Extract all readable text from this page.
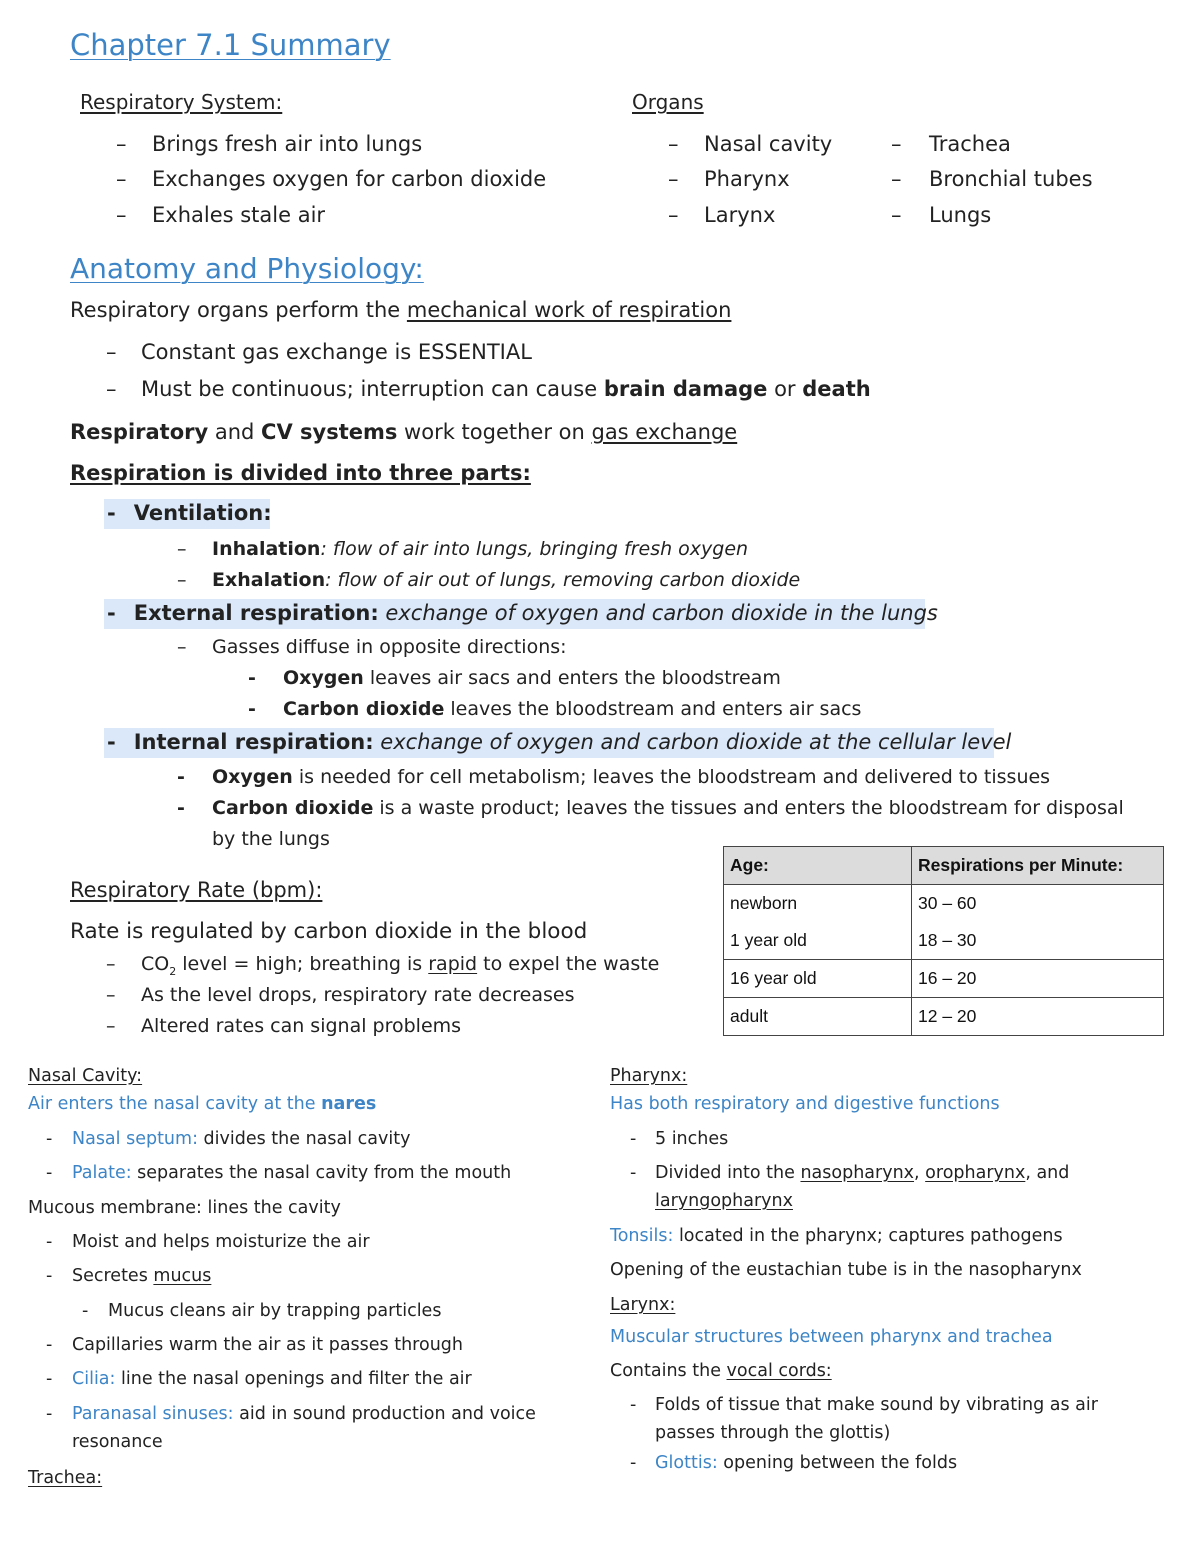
Chapter 7.1 Summary
Respiratory System:
– Brings fresh air into lungs
– Exchanges oxygen for carbon dioxide
– Exhales stale air
Organs
– Nasal cavity
– Pharynx
– Larynx
– Trachea
– Bronchial tubes
– Lungs
Anatomy and Physiology:
Respiratory organs perform the mechanical work of respiration
– Constant gas exchange is ESSENTIAL
– Must be continuous; interruption can cause brain damage or death
Respiratory and CV systems work together on gas exchange
Respiration is divided into three parts:
- Ventilation:
– Inhalation: flow of air into lungs, bringing fresh oxygen
– Exhalation: flow of air out of lungs, removing carbon dioxide
- External respiration: exchange of oxygen and carbon dioxide in the lungs
– Gasses diffuse in opposite directions:
- Oxygen leaves air sacs and enters the bloodstream
- Carbon dioxide leaves the bloodstream and enters air sacs
- Internal respiration: exchange of oxygen and carbon dioxide at the cellular level
- Oxygen is needed for cell metabolism; leaves the bloodstream and delivered to tissues
- Carbon dioxide is a waste product; leaves the tissues and enters the bloodstream for disposal
by the lungs
Respiratory Rate (bpm):
Rate is regulated by carbon dioxide in the blood
– $CO_2$ level = high; breathing is rapid to expel the waste
– As the level drops, respiratory rate decreases
– Altered rates can signal problems
Age:	Respirations per Minute:
newborn	30 – 60
1 year old	18 – 30
16 year old	16 – 20
adult	12 – 20
Nasal Cavity:
Air enters the nasal cavity at the nares
- Nasal septum: divides the nasal cavity
- Palate: separates the nasal cavity from the mouth
Mucous membrane: lines the cavity
- Moist and helps moisturize the air
- Secretes mucus
- Mucus cleans air by trapping particles
- Capillaries warm the air as it passes through
- Cilia: line the nasal openings and filter the air
- Paranasal sinuses: aid in sound production and voice
resonance
Trachea:
Pharynx:
Has both respiratory and digestive functions
- 5 inches
- Divided into the nasopharynx, oropharynx, and
laryngopharynx
Tonsils: located in the pharynx; captures pathogens
Opening of the eustachian tube is in the nasopharynx
Larynx:
Muscular structures between pharynx and trachea
Contains the vocal cords:
- Folds of tissue that make sound by vibrating as air
passes through the glottis)
- Glottis: opening between the folds
